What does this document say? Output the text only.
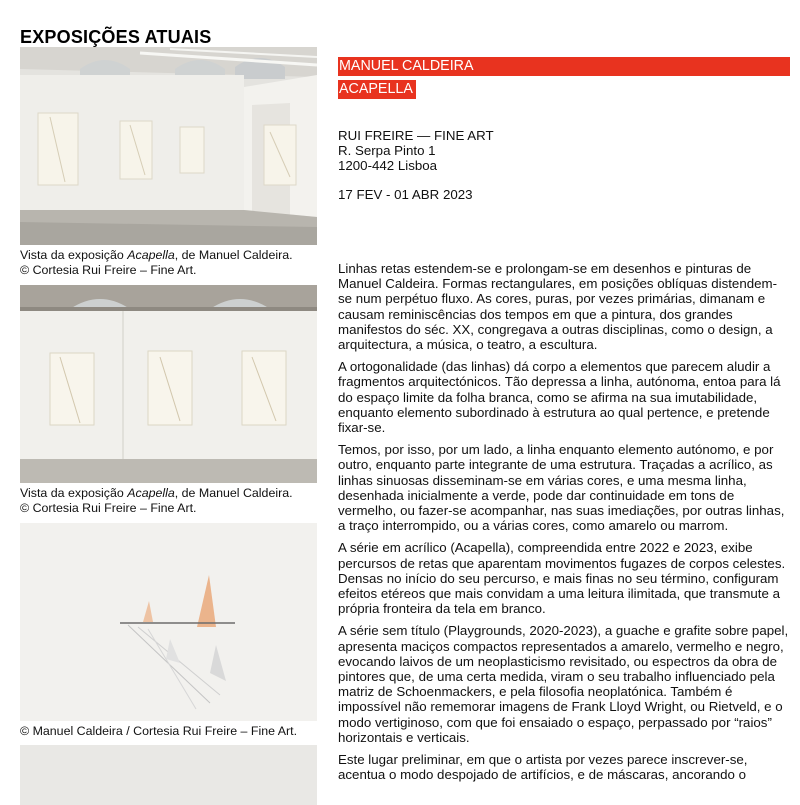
EXPOSIÇÕES ATUAIS

Vista da exposição Acapella, de Manuel Caldeira.
© Cortesia Rui Freire – Fine Art.

Vista da exposição Acapella, de Manuel Caldeira.
© Cortesia Rui Freire – Fine Art.

© Manuel Caldeira / Cortesia Rui Freire – Fine Art.

MANUEL CALDEIRA
ACAPELLA
RUI FREIRE — FINE ART
R. Serpa Pinto 1
1200-442 Lisboa
17 FEV - 01 ABR 2023

Linhas retas estendem-se e prolongam-se em desenhos e pinturas de Manuel Caldeira. Formas rectangulares, em posições oblíquas distendem-se num perpétuo fluxo. As cores, puras, por vezes primárias, dimanam e causam reminiscências dos tempos em que a pintura, dos grandes manifestos do séc. XX, congregava a outras disciplinas, como o design, a arquitectura, a música, o teatro, a escultura.

A ortogonalidade (das linhas) dá corpo a elementos que parecem aludir a fragmentos arquitectónicos. Tão depressa a linha, autónoma, entoa para lá do espaço limite da folha branca, como se afirma na sua imutabilidade, enquanto elemento subordinado à estrutura ao qual pertence, e pretende fixar-se.

Temos, por isso, por um lado, a linha enquanto elemento autónomo, e por outro, enquanto parte integrante de uma estrutura. Traçadas a acrílico, as linhas sinuosas disseminam-se em várias cores, e uma mesma linha, desenhada inicialmente a verde, pode dar continuidade em tons de vermelho, ou fazer-se acompanhar, nas suas imediações, por outras linhas, a traço interrompido, ou a várias cores, como amarelo ou marrom.

A série em acrílico (Acapella), compreendida entre 2022 e 2023, exibe percursos de retas que aparentam movimentos fugazes de corpos celestes. Densas no início do seu percurso, e mais finas no seu término, configuram efeitos etéreos que mais convidam a uma leitura ilimitada, que transmute a própria fronteira da tela em branco.

A série sem título (Playgrounds, 2020-2023), a guache e grafite sobre papel, apresenta maciços compactos representados a amarelo, vermelho e negro, evocando laivos de um neoplasticismo revisitado, ou espectros da obra de pintores que, de uma certa medida, viram o seu trabalho influenciado pela matriz de Schoenmackers, e pela filosofia neoplatónica. Também é impossível não rememorar imagens de Frank Lloyd Wright, ou Rietveld, e o modo vertiginoso, com que foi ensaiado o espaço, perpassado por “raios” horizontais e verticais.

Este lugar preliminar, em que o artista por vezes parece inscrever-se, acentua o modo despojado de artifícios, e de máscaras, ancorando o
